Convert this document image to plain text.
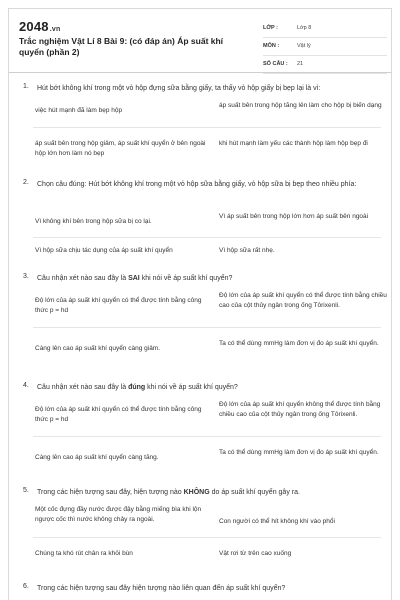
2048.vn
Trắc nghiệm Vật Lí 8 Bài 9: (có đáp án) Áp suất khí quyển (phần 2)
LỚP :	Lớp 8
MÔN :	Vật lý
SỐ CÂU : 21
1. Hút bớt không khí trong một vỏ hộp đựng sữa bằng giấy, ta thấy vỏ hộp giấy bị bẹp lại là vì:
việc hút mạnh đã làm bẹp hộp
áp suất bên trong hộp tăng lên làm cho hộp bị biến dạng
áp suất bên trong hộp giảm, áp suất khí quyển ở bên ngoài hộp lớn hơn làm nó bẹp
khi hút mạnh làm yếu các thành hộp làm hộp bẹp đi
2. Chọn câu đúng: Hút bớt không khí trong một vỏ hộp sữa bằng giấy, vỏ hộp sữa bị bẹp theo nhiều phía:
Vì không khí bên trong hộp sữa bị co lại.
Vì áp suất bên trong hộp lớn hơn áp suất bên ngoài
Vì hộp sữa chịu tác dụng của áp suất khí quyển	Vì hộp sữa rất nhẹ.
3. Câu nhận xét nào sau đây là SAI khi nói về áp suất khí quyển?
Độ lớn của áp suất khí quyển có thể được tính bằng công thức p = hd
Độ lớn của áp suất khí quyển có thể được tính bằng chiều cao của cột thủy ngân trong ống Tôrixenli.
Càng lên cao áp suất khí quyển càng giảm.
Ta có thể dùng mmHg làm đơn vị đo áp suất khí quyển.
4. Câu nhận xét nào sau đây là đúng khi nói về áp suất khí quyển?
Độ lớn của áp suất khí quyển có thể được tính bằng công thức p = hd
Độ lớn của áp suất khí quyển không thể được tính bằng chiều cao của cột thủy ngân trong ống Tôrixenli.
Càng lên cao áp suất khí quyển càng tăng.
Ta có thể dùng mmHg làm đơn vị đo áp suất khí quyển.
5. Trong các hiện tượng sau đây, hiện tượng nào KHÔNG do áp suất khí quyển gây ra.
Một cốc đựng đầy nước được đậy bằng miếng bìa khi lộn ngược cốc thì nước không chảy ra ngoài.	Con người có thể hít không khí vào phổi
Chúng ta khó rút chân ra khỏi bùn	Vật rơi từ trên cao xuống
6. Trong các hiện tượng sau đây hiện tượng nào liên quan đến áp suất khí quyển?
